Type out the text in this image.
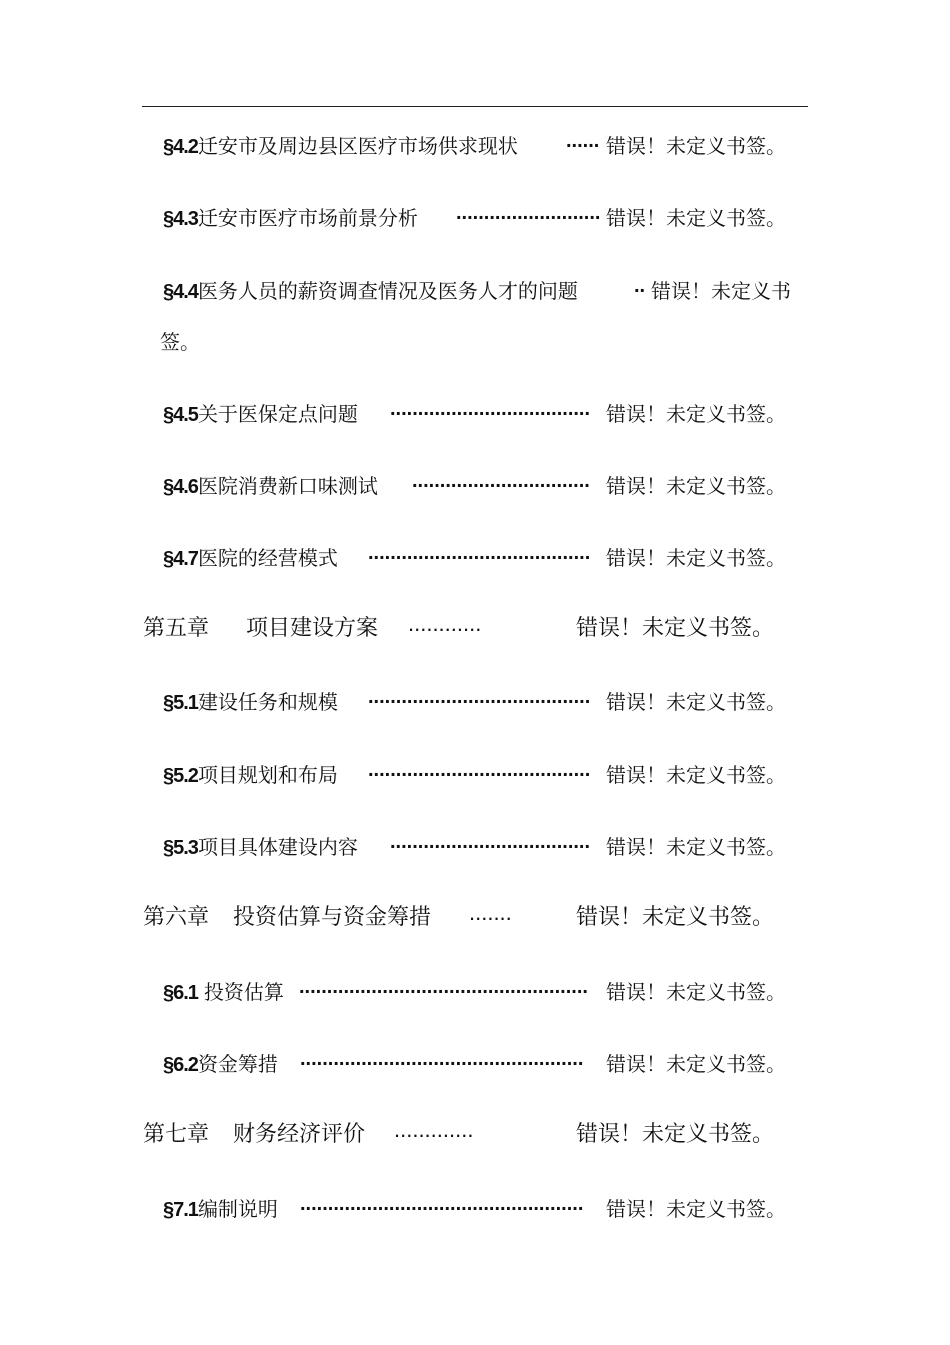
§4.2迁安市及周边县区医疗市场供求现状 ...... 错误！未定义书签。
§4.3迁安市医疗市场前景分析 .......................... 错误！未定义书签。
§4.4医务人员的薪资调查情况及医务人才的问题	.. 错误！未定义书
签。
§4.5关于医保定点问题 .................................... 错误！未定义书签。
§4.6医院消费新口味测试 ................................ 错误！未定义书签。
§4.7医院的经营模式 ........................................ 错误！未定义书签。
第五章 项目建设方案 ............	错误！未定义书签。
§5.1建设任务和规模 ........................................ 错误！未定义书签。
§5.2项目规划和布局 ........................................ 错误！未定义书签。
§5.3项目具体建设内容 .................................... 错误！未定义书签。
第六章 投资估算与资金筹措 .......	错误！未定义书签。
§6.1 投资估算 .................................................... 错误！未定义书签。
§6.2资金筹措 ...................................................	错误！未定义书签。
第七章 财务经济评价 .............	错误！未定义书签。
§7.1编制说明 ...................................................	错误！未定义书签。
